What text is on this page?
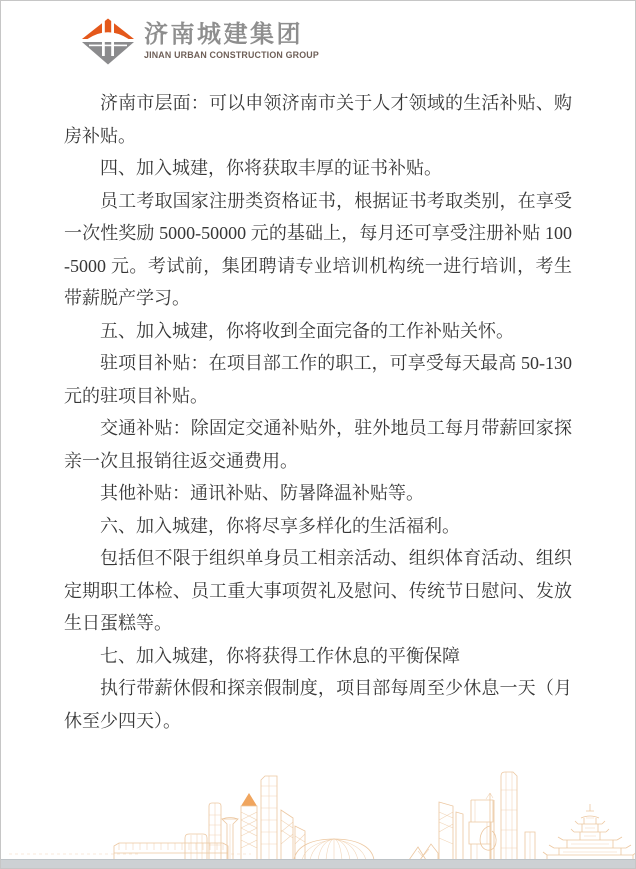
济南城建集团
JINAN URBAN CONSTRUCTION GROUP

济南市层面：可以申领济南市关于人才领域的生活补贴、购房补贴。

四、加入城建，你将获取丰厚的证书补贴。

员工考取国家注册类资格证书，根据证书考取类别，在享受一次性奖励 5000-50000 元的基础上，每月还可享受注册补贴 100-5000 元。考试前，集团聘请专业培训机构统一进行培训，考生带薪脱产学习。

五、加入城建，你将收到全面完备的工作补贴关怀。

驻项目补贴：在项目部工作的职工，可享受每天最高 50-130 元的驻项目补贴。

交通补贴：除固定交通补贴外，驻外地员工每月带薪回家探亲一次且报销往返交通费用。

其他补贴：通讯补贴、防暑降温补贴等。

六、加入城建，你将尽享多样化的生活福利。

包括但不限于组织单身员工相亲活动、组织体育活动、组织定期职工体检、员工重大事项贺礼及慰问、传统节日慰问、发放生日蛋糕等。

七、加入城建，你将获得工作休息的平衡保障

执行带薪休假和探亲假制度，项目部每周至少休息一天（月休至少四天）。
